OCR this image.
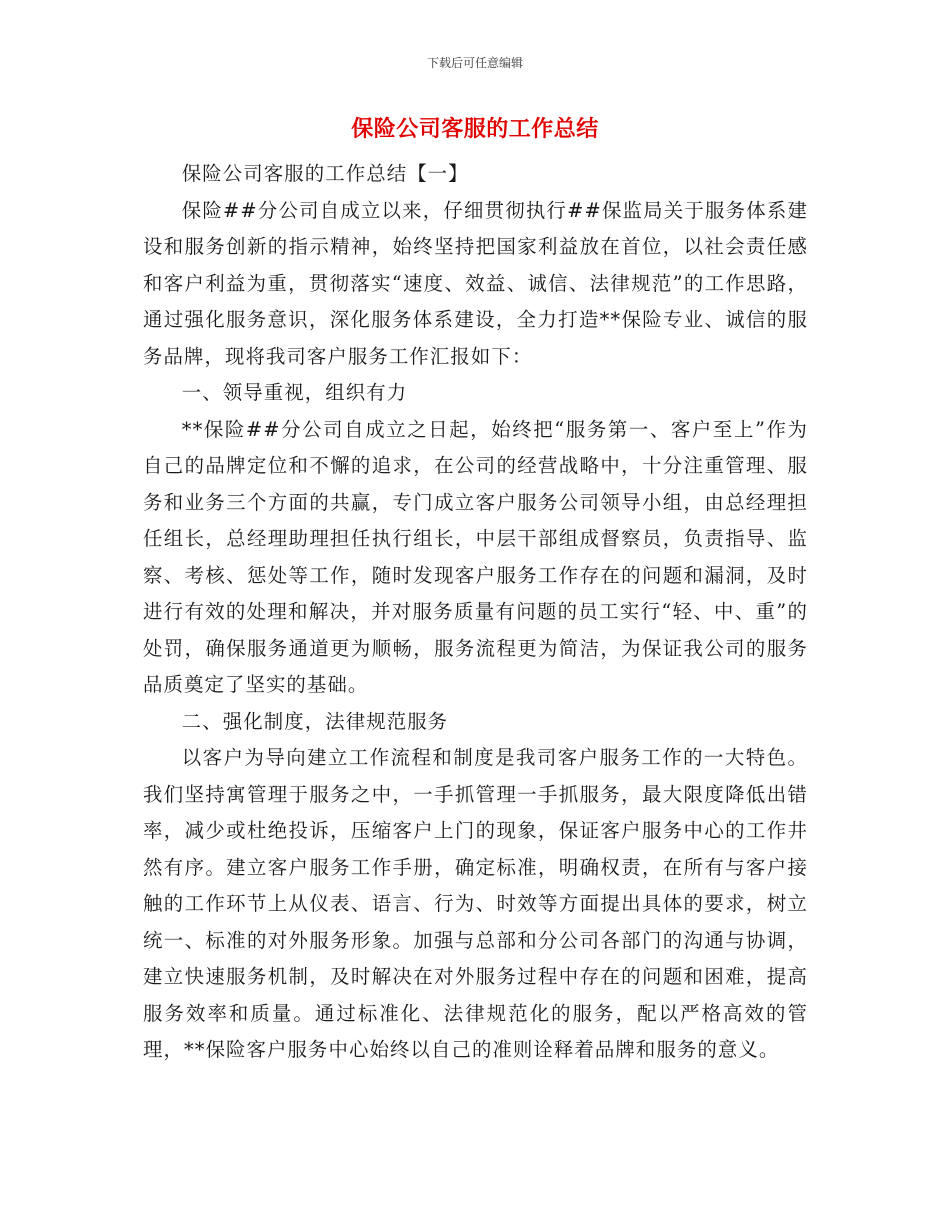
下载后可任意编辑
保险公司客服的工作总结

保险公司客服的工作总结【一】

保险##分公司自成立以来，仔细贯彻执行##保监局关于服务体系建设和服务创新的指示精神，始终坚持把国家利益放在首位，以社会责任感和客户利益为重，贯彻落实“速度、效益、诚信、法律规范”的工作思路，通过强化服务意识，深化服务体系建设，全力打造**保险专业、诚信的服务品牌，现将我司客户服务工作汇报如下：

一、领导重视，组织有力

**保险##分公司自成立之日起，始终把“服务第一、客户至上”作为自己的品牌定位和不懈的追求，在公司的经营战略中，十分注重管理、服务和业务三个方面的共赢，专门成立客户服务公司领导小组，由总经理担任组长，总经理助理担任执行组长，中层干部组成督察员，负责指导、监察、考核、惩处等工作，随时发现客户服务工作存在的问题和漏洞，及时进行有效的处理和解决，并对服务质量有问题的员工实行“轻、中、重”的处罚，确保服务通道更为顺畅，服务流程更为简洁，为保证我公司的服务品质奠定了坚实的基础。

二、强化制度，法律规范服务

以客户为导向建立工作流程和制度是我司客户服务工作的一大特色。我们坚持寓管理于服务之中，一手抓管理一手抓服务，最大限度降低出错率，减少或杜绝投诉，压缩客户上门的现象，保证客户服务中心的工作井然有序。建立客户服务工作手册，确定标准，明确权责，在所有与客户接触的工作环节上从仪表、语言、行为、时效等方面提出具体的要求，树立统一、标准的对外服务形象。加强与总部和分公司各部门的沟通与协调，建立快速服务机制，及时解决在对外服务过程中存在的问题和困难，提高服务效率和质量。通过标准化、法律规范化的服务，配以严格高效的管理，**保险客户服务中心始终以自己的准则诠释着品牌和服务的意义。
